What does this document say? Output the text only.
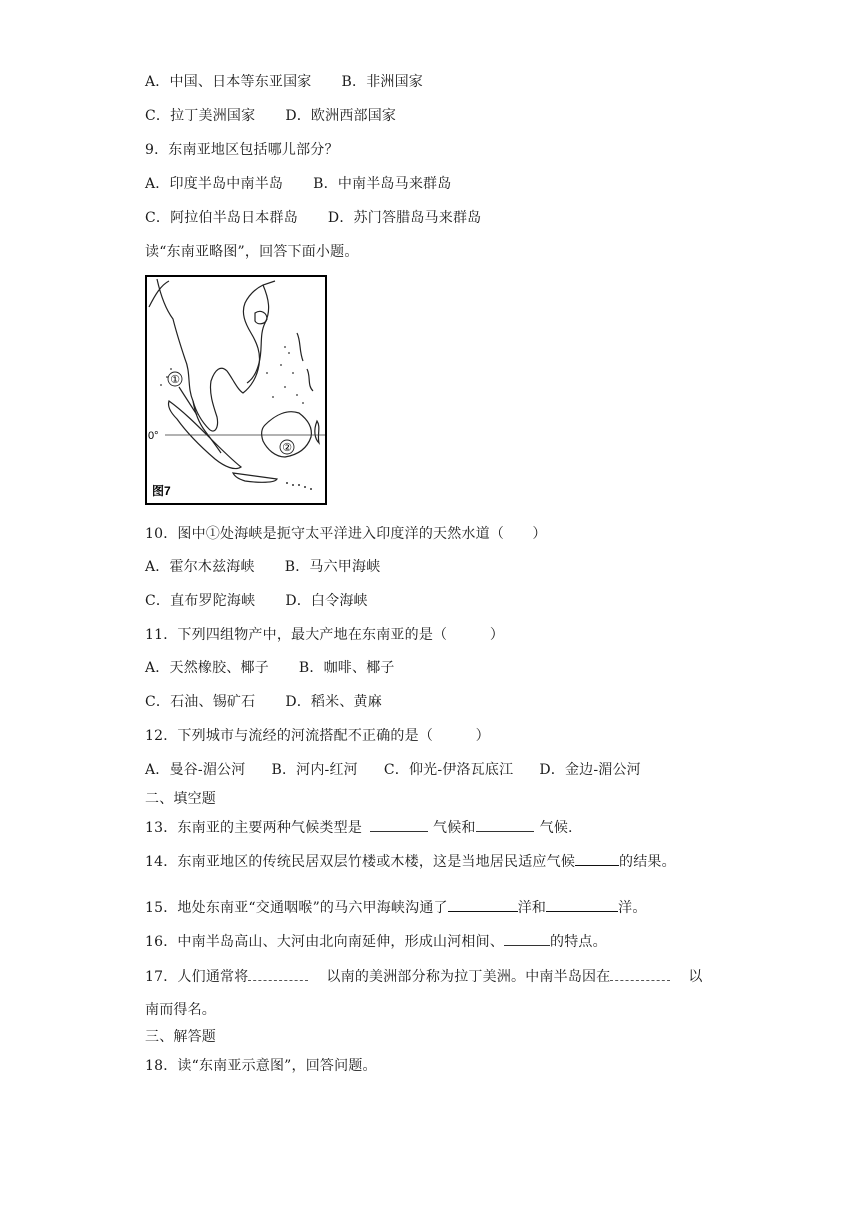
A．中国、日本等东亚国家 B．非洲国家
C．拉丁美洲国家 D．欧洲西部国家
9．东南亚地区包括哪儿部分？
A．印度半岛中南半岛 B．中南半岛马来群岛
C．阿拉伯半岛日本群岛 D．苏门答腊岛马来群岛
读“东南亚略图”，回答下面小题。
①
②
0°
图7
10．图中①处海峡是扼守太平洋进入印度洋的天然水道（　　）
A．霍尔木兹海峡 B．马六甲海峡
C．直布罗陀海峡 D．白令海峡
11．下列四组物产中，最大产地在东南亚的是（　　　）
A．天然橡胶、椰子 B．咖啡、椰子
C．石油、锡矿石 D．稻米、黄麻
12．下列城市与流经的河流搭配不正确的是（　　　）
A．曼谷-湄公河 B．河内-红河 C．仰光-伊洛瓦底江 D．金边-湄公河
二、填空题
13．东南亚的主要两种气候类型是	气候和	气候.
14．东南亚地区的传统民居双层竹楼或木楼，这是当地居民适应气候	的结果。
15．地处东南亚“交通咽喉”的马六甲海峡沟通了	洋和	洋。
16．中南半岛高山、大河由北向南延伸，形成山河相间、	的特点。
17．人们通常将	以南的美洲部分称为拉丁美洲。中南半岛因在	以
南而得名。
三、解答题
18．读“东南亚示意图”，回答问题。
